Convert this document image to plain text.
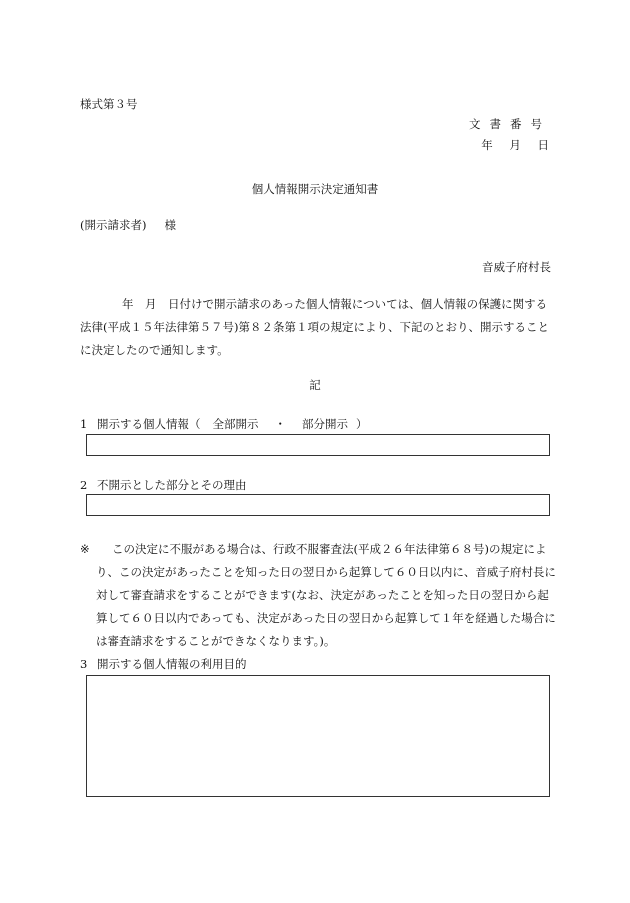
様式第３号
文書番号
年 月 日
個人情報開示決定通知書
(開示請求者) 様
音威子府村長
年　月　日付けで開示請求のあった個人情報については、個人情報の保護に関する法律(平成１５年法律第５７号)第８２条第１項の規定により、下記のとおり、開示することに決定したので通知します。
記
1 開示する個人情報（ 全部開示 ・ 部分開示 ）
2 不開示とした部分とその理由
※	この決定に不服がある場合は、行政不服審査法(平成２６年法律第６８号)の規定により、この決定があったことを知った日の翌日から起算して６０日以内に、音威子府村長に対して審査請求をすることができます(なお、決定があったことを知った日の翌日から起算して６０日以内であっても、決定があった日の翌日から起算して１年を経過した場合には審査請求をすることができなくなります。)。
3 開示する個人情報の利用目的
